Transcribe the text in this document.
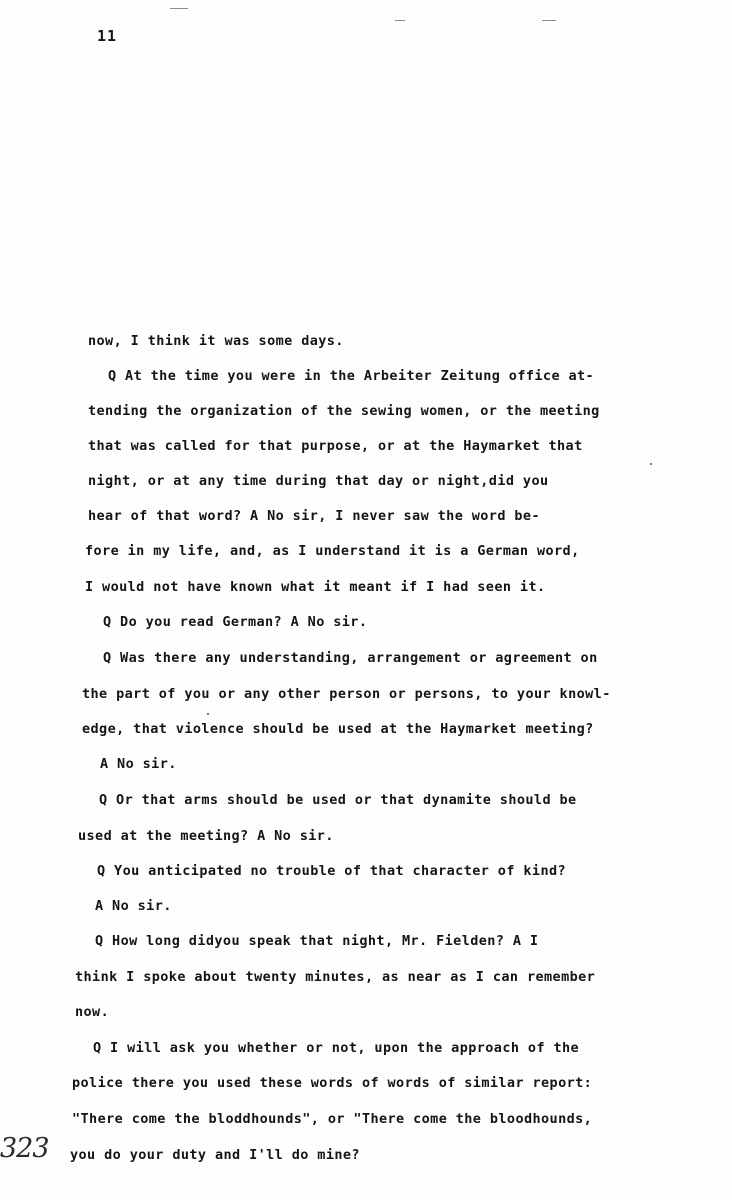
11
now, I think it was some days.
Q At the time you were in the Arbeiter Zeitung office at-
tending the organization of the sewing women, or the meeting
that was called for that purpose, or at the Haymarket that
night, or at any time during that day or night,did you
hear of that word? A No sir, I never saw the word be-
fore in my life, and, as I understand it is a German word,
I would not have known what it meant if I had seen it.
Q Do you read German? A No sir.
Q Was there any understanding, arrangement or agreement on
the part of you or any other person or persons, to your knowl-
edge, that violence should be used at the Haymarket meeting?
A No sir.
Q Or that arms should be used or that dynamite should be
used at the meeting? A No sir.
Q You anticipated no trouble of that character of kind?
A No sir.
Q How long didyou speak that night, Mr. Fielden? A I
think I spoke about twenty minutes, as near as I can remember
now.
Q I will ask you whether or not, upon the approach of the
police there you used these words of words of similar report:
"There come the bloddhounds", or "There come the bloodhounds,
you do your duty and I'll do mine?
323
